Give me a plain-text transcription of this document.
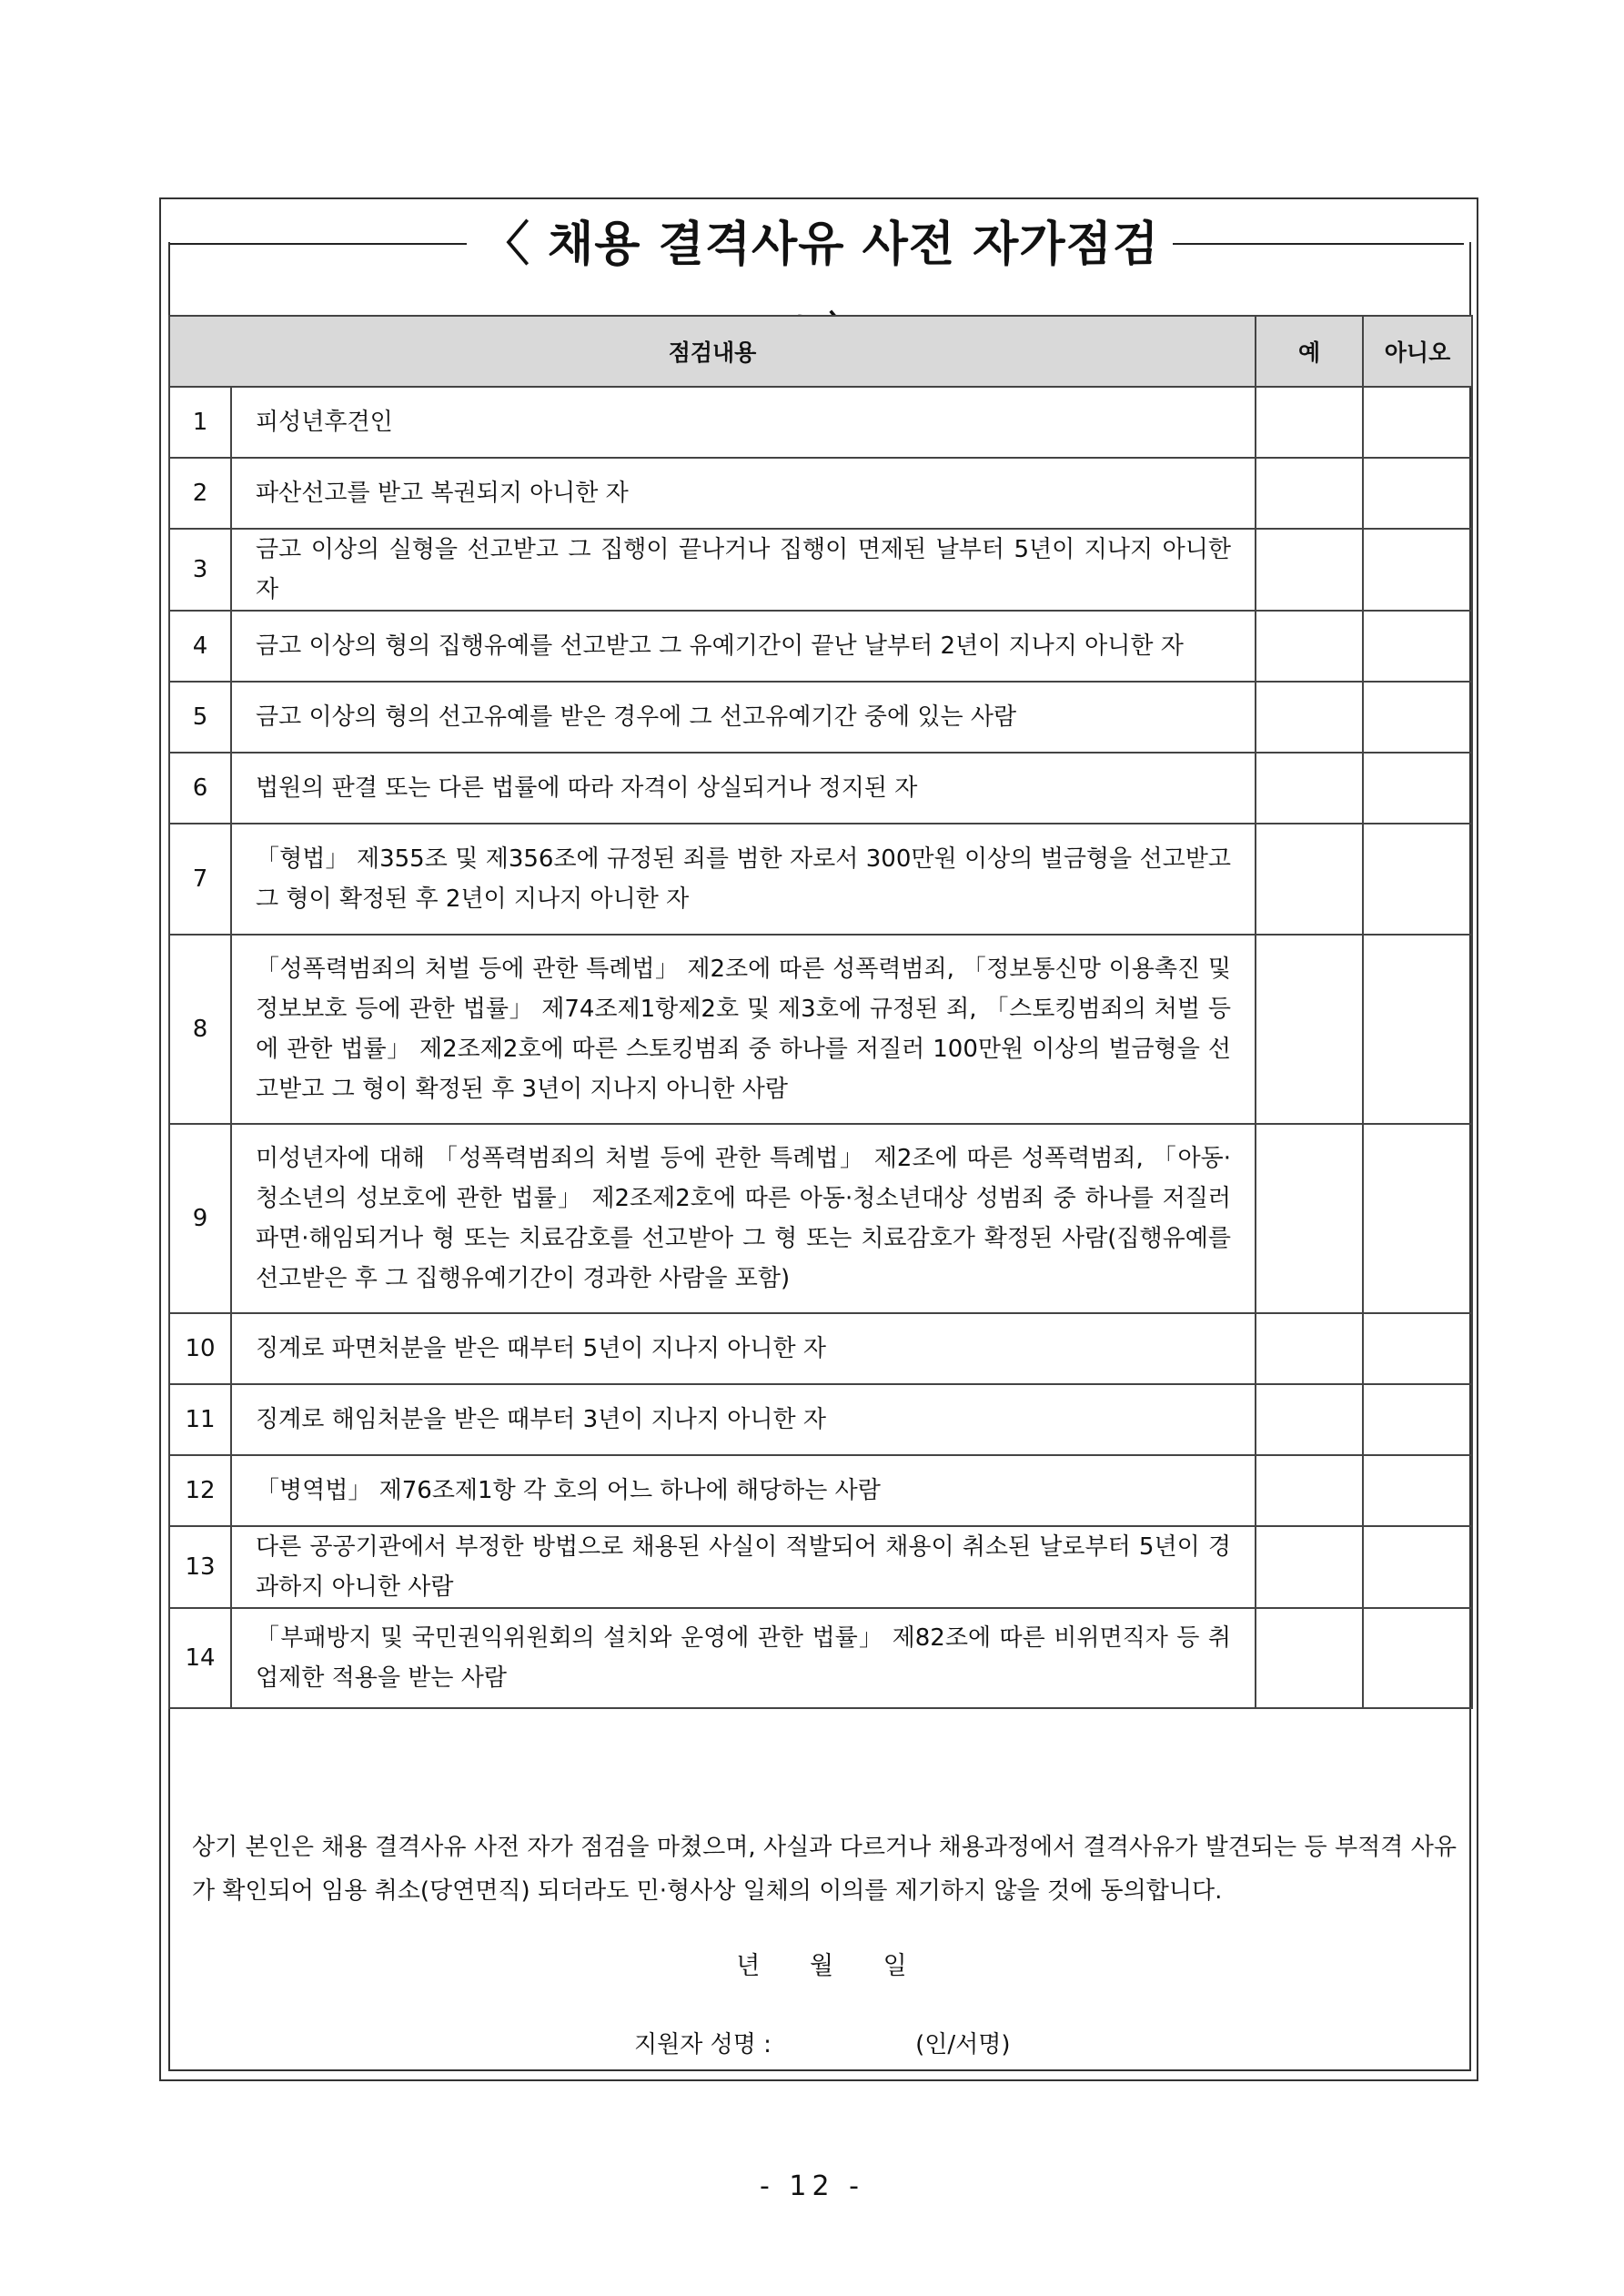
〈 채용 결격사유 사전 자가점검
점검내용		예	아니오
1	피성년후견인		
2	파산선고를 받고 복권되지 아니한 자		
3	금고 이상의 실형을 선고받고 그 집행이 끝나거나 집행이 면제된 날부터 5년이 지나지 아니한 자		
4	금고 이상의 형의 집행유예를 선고받고 그 유예기간이 끝난 날부터 2년이 지나지 아니한 자		
5	금고 이상의 형의 선고유예를 받은 경우에 그 선고유예기간 중에 있는 사람		
6	법원의 판결 또는 다른 법률에 따라 자격이 상실되거나 정지된 자		
7	「형법」 제355조 및 제356조에 규정된 죄를 범한 자로서 300만원 이상의 벌금형을 선고받고 그 형이 확정된 후 2년이 지나지 아니한 자		
8	「성폭력범죄의 처벌 등에 관한 특례법」 제2조에 따른 성폭력범죄, 「정보통신망 이용촉진 및 정보보호 등에 관한 법률」 제74조제1항제2호 및 제3호에 규정된 죄, 「스토킹범죄의 처벌 등에 관한 법률」 제2조제2호에 따른 스토킹범죄 중 하나를 저질러 100만원 이상의 벌금형을 선고받고 그 형이 확정된 후 3년이 지나지 아니한 사람		
9	미성년자에 대해 「성폭력범죄의 처벌 등에 관한 특례법」 제2조에 따른 성폭력범죄, 「아동·청소년의 성보호에 관한 법률」 제2조제2호에 따른 아동·청소년대상 성범죄 중 하나를 저질러 파면·해임되거나 형 또는 치료감호를 선고받아 그 형 또는 치료감호가 확정된 사람(집행유예를 선고받은 후 그 집행유예기간이 경과한 사람을 포함)		
10	징계로 파면처분을 받은 때부터 5년이 지나지 아니한 자		
11	징계로 해임처분을 받은 때부터 3년이 지나지 아니한 자		
12	「병역법」 제76조제1항 각 호의 어느 하나에 해당하는 사람		
13	다른 공공기관에서 부정한 방법으로 채용된 사실이 적발되어 채용이 취소된 날로부터 5년이 경과하지 아니한 사람		
14	「부패방지 및 국민권익위원회의 설치와 운영에 관한 법률」 제82조에 따른 비위면직자 등 취업제한 적용을 받는 사람		
상기 본인은 채용 결격사유 사전 자가 점검을 마쳤으며, 사실과 다르거나 채용과정에서 결격사유가 발견되는 등 부적격 사유가 확인되어 임용 취소(당연면직) 되더라도 민·형사상 일체의 이의를 제기하지 않을 것에 동의합니다.
년 월 일
지원자 성명 :	(인/서명)
- 12 -
